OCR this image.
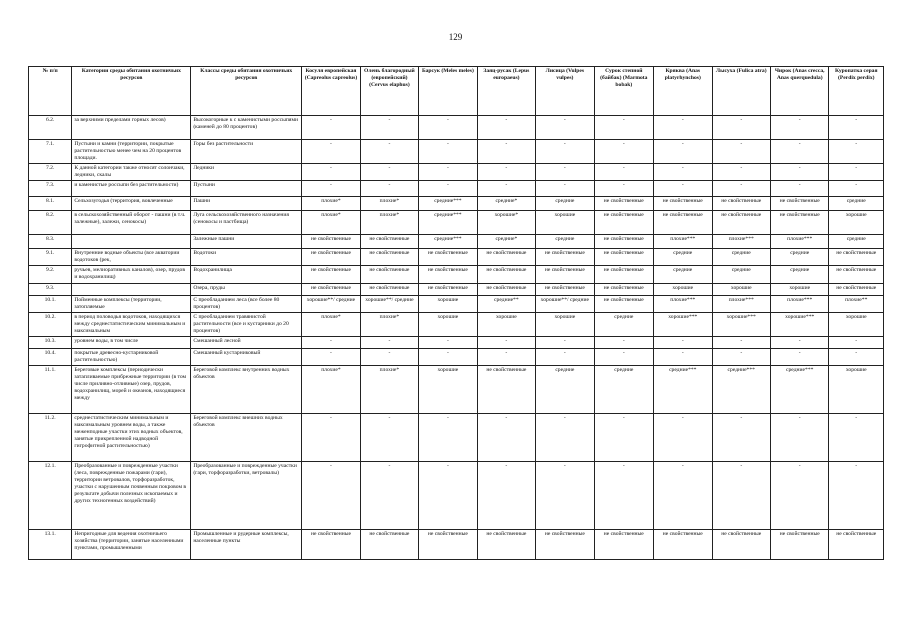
129
№ п/п	Категории среды обитания охотничьих ресурсов	Классы среды обитания охотничьих ресурсов	Косуля европейская (Capreolus capreolus)	Олень благородный (европейский) (Cervus elaphus)	Барсук (Meles meles)	Заяц-русак (Lepus europaeus)	Лисица (Vulpes vulpes)	Сурок степной (байбак) (Marmota bobak)	Кряква (Anas platyrhynchos)	Лысуха (Fulica atra)	Чирок (Anas crecca, Anas querquedula)	Куропатка серая (Perdix perdix)
6.2.	за верхними пределами горных лесов)	Высокогорные к с каменистыми россыпями (каменей до 80 процентов)	-	-	-	-	-	-	-	-	-	-
7.1.	Пустыни и камни (территории, покрытые растительностью менее чем на 20 процентов площади.	Горы без растительности	-	-	-	-	-	-	-	-	-	-
7.2.	К данной категории также относят солончаки, ледники, скалы	Ледники	-	-	-	-	-	-	-	-	-	-
7.3.	и каменистые россыпи без растительности)	Пустыни	-	-	-	-	-	-	-	-	-	-
8.1.	Сельхозугодья (территория, вовлеченные	Пашни	плохие*	плохие*	средние***	средние*	средние	не свойственные	не свойственные	не свойственные	не свойственные	средние
8.2.	в сельскохозяйственный оборот - пашни (в т.ч. залежные), залежи, сенокосы)	Луга сельскохозяйственного назначения (сенокосы и пастбища)	плохие*	плохие*	средние***	хорошие*	хорошие	не свойственные	не свойственные	не свойственные	не свойственные	хорошие
8.3.		Залежные пашни	не свойственные	не свойственные	средние***	средние*	средние	не свойственные	плохие***	плохие***	плохие***	средние
9.1.	Внутренние водные объекты (все акватории водотоков (рек,	Водотоки	не свойственные	не свойственные	не свойственные	не свойственные	не свойственные	не свойственные	средние	средние	средние	не свойственные
9.2.	ручьев, мелиоративных каналов), озер, прудов и водохранилищ)	Водохранилища	не свойственные	не свойственные	не свойственные	не свойственные	не свойственные	не свойственные	средние	средние	средние	не свойственные
9.3.		Озера, пруды	не свойственные	не свойственные	не свойственные	не свойственные	не свойственные	не свойственные	хорошие	хорошие	хорошие	не свойственные
10.1.	Пойменные комплексы (территории, затопляемые	С преобладанием леса (все более 80 процентов)	хорошие**/ средние	хорошие**/ средние	хорошие	средние**	хорошие**/ средние	не свойственные	плохие***	плохие***	плохие***	плохие**
10.2.	в период половодья водотоков, находящихся между среднестатистическим минимальным и максимальным	С преобладанием травянистой растительности (все и кустарники до 20 процентов)	плохие*	плохие*	хорошие	хорошие	хорошие	средние	хорошие***	хорошие***	хорошие***	хорошие
10.3.	уровнем воды, в том числе	Смешанный лесной	-	-	-	-	-	-	-	-	-	-
10.4.	покрытые древесно-кустарниковой растительностью)	Смешанный кустарниковый	-	-	-	-	-	-	-	-	-	-
11.1.	Береговые комплексы (периодически затапливаемые прибрежные территории (в том числе приливно-отливные) озер, прудов, водохранилищ, морей и океанов, находящиеся между	Береговой комплекс внутренних водных объектов	плохие*	плохие*	хорошие	не свойственные	средние	средние	средние***	средние***	средние***	хорошие
11.2.	среднестатистическим минимальным и максимальным уровнем воды, а также меженподные участки этих водных объектов, занятые прикрепленной надводной гигрофитной растительностью)	Береговой комплекс внешних водных объектов	-	-	-	-	-	-	-	-	-	-
12.1.	Преобразованные и поврежденные участки (леса, поврежденные пожарами (гари), территории ветровалов, торфоразработок, участки с нарушенным почвенным покровом в результате добычи полезных ископаемых и других техногенных воздействий)	Преобразованные и поврежденные участки (гари, торфоразработки, ветровалы)	-	-	-	-	-	-	-	-	-	-
13.1.	Непригодные для ведения охотничьего хозяйства (территории, занятые населенными пунктами, промышленными	Промышленные и рудерные комплексы, населенные пункты	не свойственные	не свойственные	не свойственные	не свойственные	не свойственные	не свойственные	не свойственные	не свойственные	не свойственные	не свойственные
